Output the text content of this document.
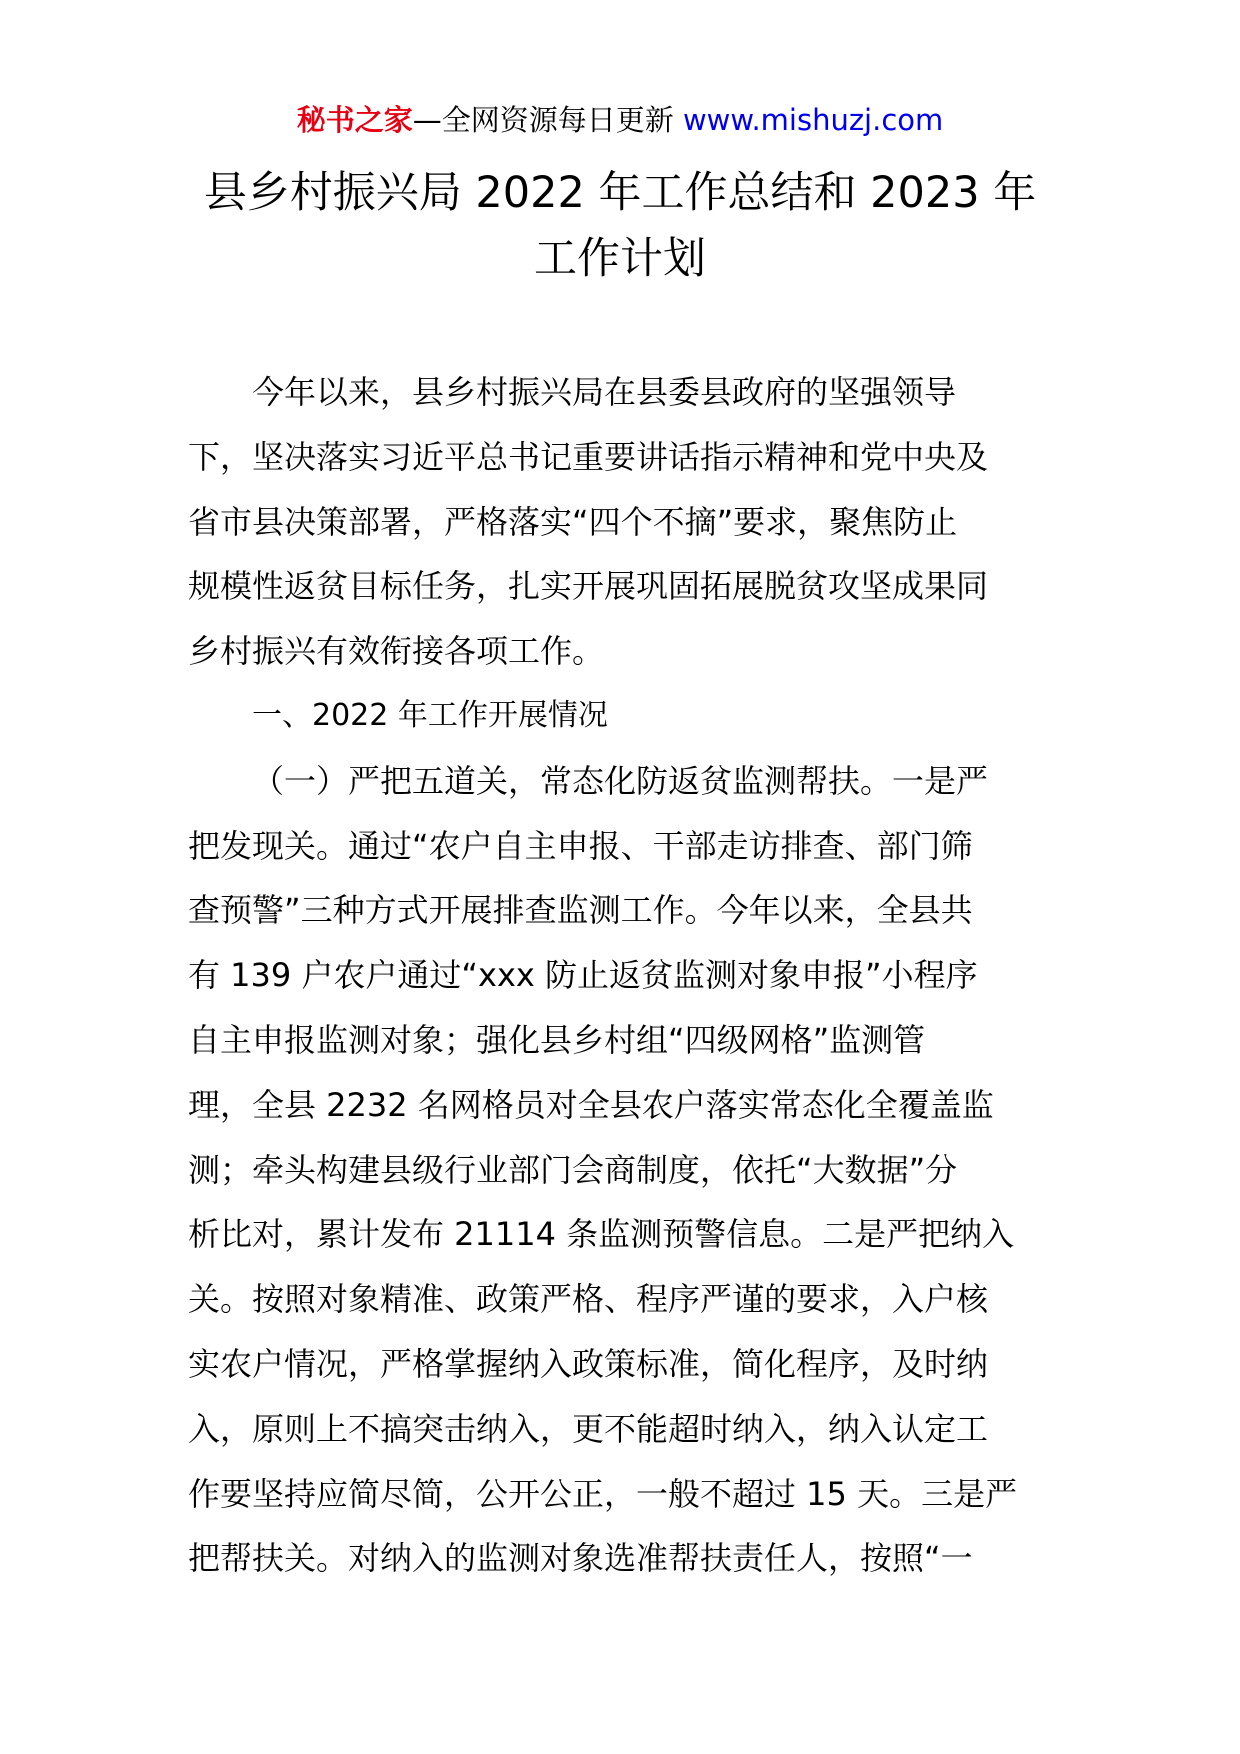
秘书之家—全网资源每日更新 www.mishuzj.com
县乡村振兴局 2022 年工作总结和 2023 年
工作计划
今年以来，县乡村振兴局在县委县政府的坚强领导
下，坚决落实习近平总书记重要讲话指示精神和党中央及
省市县决策部署，严格落实“四个不摘”要求，聚焦防止
规模性返贫目标任务，扎实开展巩固拓展脱贫攻坚成果同
乡村振兴有效衔接各项工作。
一、2022 年工作开展情况
（一）严把五道关，常态化防返贫监测帮扶。一是严
把发现关。通过“农户自主申报、干部走访排查、部门筛
查预警”三种方式开展排查监测工作。今年以来，全县共
有 139 户农户通过“xxx 防止返贫监测对象申报”小程序
自主申报监测对象；强化县乡村组“四级网格”监测管
理，全县 2232 名网格员对全县农户落实常态化全覆盖监
测；牵头构建县级行业部门会商制度，依托“大数据”分
析比对，累计发布 21114 条监测预警信息。二是严把纳入
关。按照对象精准、政策严格、程序严谨的要求，入户核
实农户情况，严格掌握纳入政策标准，简化程序，及时纳
入，原则上不搞突击纳入，更不能超时纳入，纳入认定工
作要坚持应简尽简，公开公正，一般不超过 15 天。三是严
把帮扶关。对纳入的监测对象选准帮扶责任人，按照“一
